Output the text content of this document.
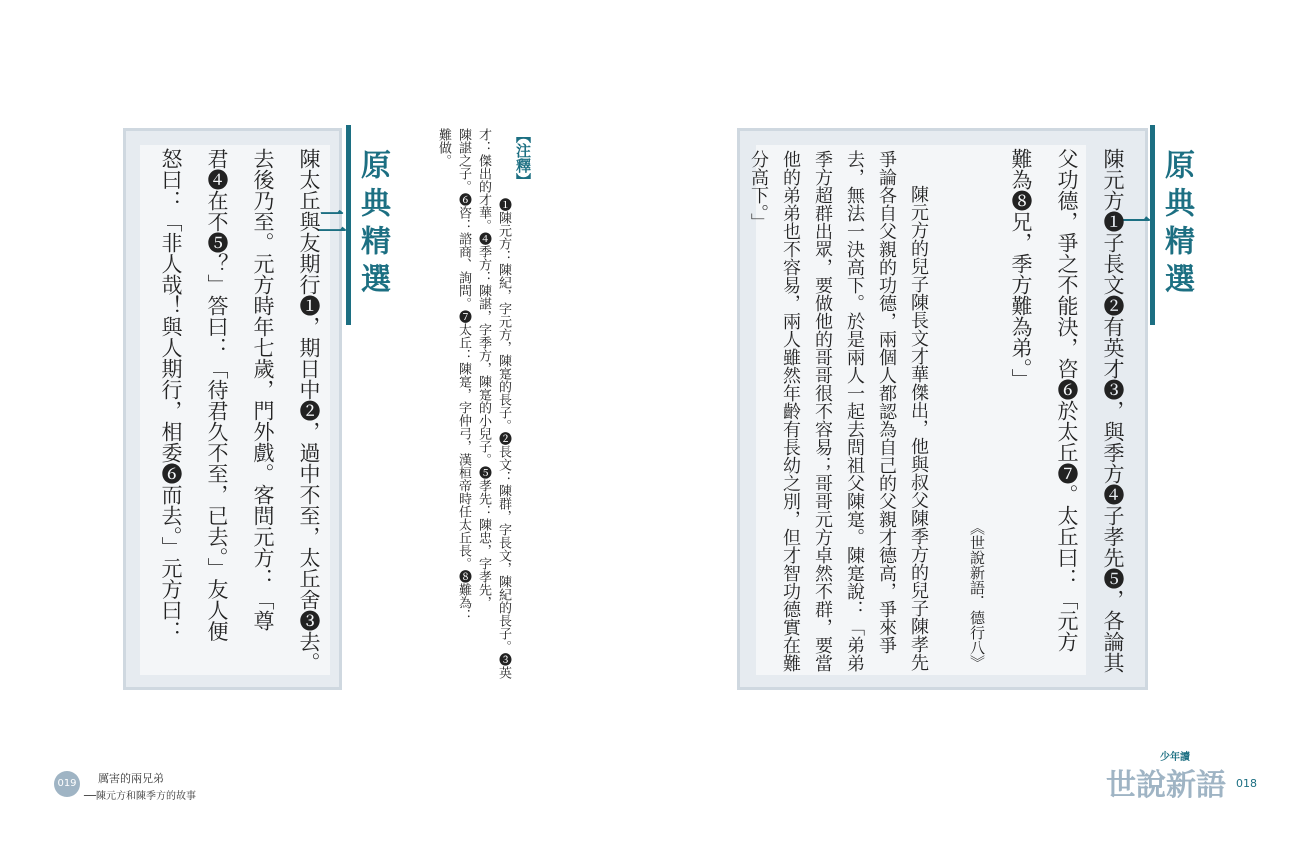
原典精選一
陳元方❶子長文❷有英才❸，與季方❹子孝先❺，各論其
父功德，爭之不能決，咨❻於太丘❼。太丘曰：「元方
難為❽兄，季方難為弟。」
《世說新語．德行八》
陳元方的兒子陳長文才華傑出，他與叔父陳季方的兒子陳孝先
爭論各自父親的功德，兩個人都認為自己的父親才德高，爭來爭
去，無法一決高下。於是兩人一起去問祖父陳寔。陳寔說：「弟弟
季方超群出眾，要做他的哥哥很不容易；哥哥元方卓然不群，要當
他的弟弟也不容易，兩人雖然年齡有長幼之別，但才智功德實在難
分高下。」
原典精選二
陳太丘與友期行❶，期日中❷，過中不至，太丘舍❸去。
去後乃至。元方時年七歲，門外戲。客問元方：「尊
君❹在不❺？」答曰：「待君久不至，已去。」友人便
怒曰：「非人哉！與人期行，相委❻而去。」元方曰：	【注釋】
❶陳元方：陳紀，字元方，陳寔的長子。❷長文：陳群，字長文，陳紀的長子。❸英
才：傑出的才華。❹季方：陳諶，字季方，陳寔的小兒子。❺孝先：陳忠，字孝先，
陳諶之子。❻咨：諮商、詢問。❼太丘：陳寔，字仲弓，漢桓帝時任太丘長。❽難為：
難做。
019	厲害的兩兄弟
──陳元方和陳季方的故事
少年讀
世說新語 018
